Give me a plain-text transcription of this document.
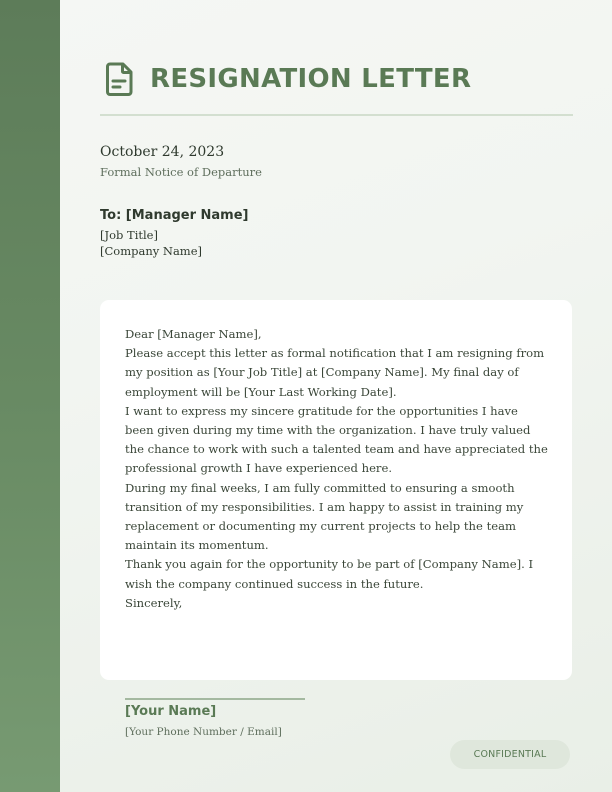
RESIGNATION LETTER
October 24, 2023
Formal Notice of Departure
To: [Manager Name]
[Job Title]
[Company Name]

Dear [Manager Name],

Please accept this letter as formal notification that I am resigning from my position as [Your Job Title] at [Company Name]. My final day of employment will be [Your Last Working Date].

I want to express my sincere gratitude for the opportunities I have been given during my time with the organization. I have truly valued the chance to work with such a talented team and have appreciated the professional growth I have experienced here.

During my final weeks, I am fully committed to ensuring a smooth transition of my responsibilities. I am happy to assist in training my replacement or documenting my current projects to help the team maintain its momentum.

Thank you again for the opportunity to be part of [Company Name]. I wish the company continued success in the future.

Sincerely,

[Your Name]
[Your Phone Number / Email]
CONFIDENTIAL
